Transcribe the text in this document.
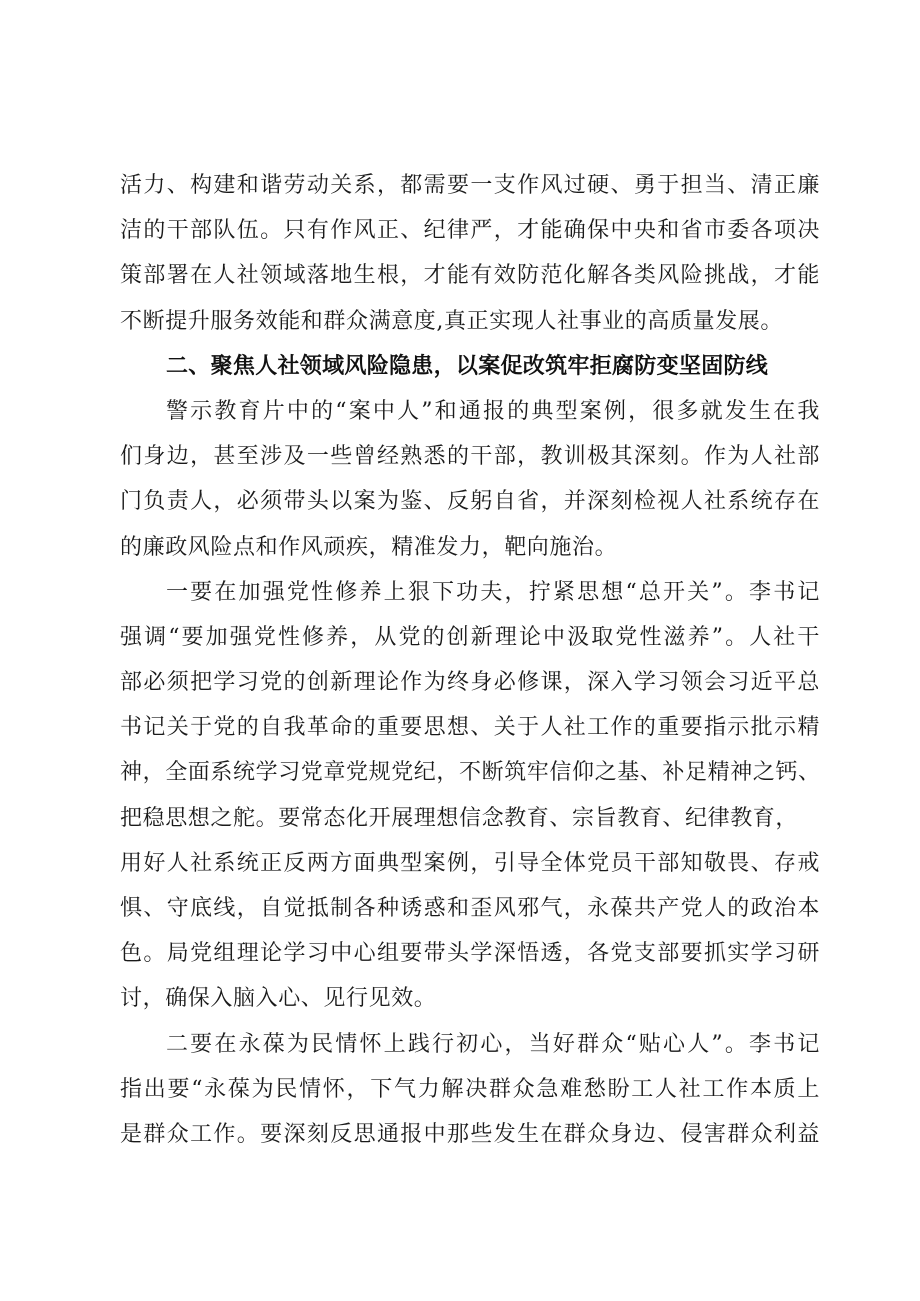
活力、构建和谐劳动关系，都需要一支作风过硬、勇于担当、清正廉
洁的干部队伍。只有作风正、纪律严，才能确保中央和省市委各项决
策部署在人社领域落地生根，才能有效防范化解各类风险挑战，才能
不断提升服务效能和群众满意度,真正实现人社事业的高质量发展。
二、聚焦人社领域风险隐患，以案促改筑牢拒腐防变坚固防线
警示教育片中的“案中人”和通报的典型案例，很多就发生在我
们身边，甚至涉及一些曾经熟悉的干部，教训极其深刻。作为人社部
门负责人，必须带头以案为鉴、反躬自省，并深刻检视人社系统存在
的廉政风险点和作风顽疾，精准发力，靶向施治。
一要在加强党性修养上狠下功夫，拧紧思想“总开关”。李书记
强调“要加强党性修养，从党的创新理论中汲取党性滋养”。人社干
部必须把学习党的创新理论作为终身必修课，深入学习领会习近平总
书记关于党的自我革命的重要思想、关于人社工作的重要指示批示精
神，全面系统学习党章党规党纪，不断筑牢信仰之基、补足精神之钙、
把稳思想之舵。要常态化开展理想信念教育、宗旨教育、纪律教育，
用好人社系统正反两方面典型案例，引导全体党员干部知敬畏、存戒
惧、守底线，自觉抵制各种诱惑和歪风邪气，永葆共产党人的政治本
色。局党组理论学习中心组要带头学深悟透，各党支部要抓实学习研
讨，确保入脑入心、见行见效。
二要在永葆为民情怀上践行初心，当好群众“贴心人”。李书记
指出要“永葆为民情怀，下气力解决群众急难愁盼工人社工作本质上
是群众工作。要深刻反思通报中那些发生在群众身边、侵害群众利益
